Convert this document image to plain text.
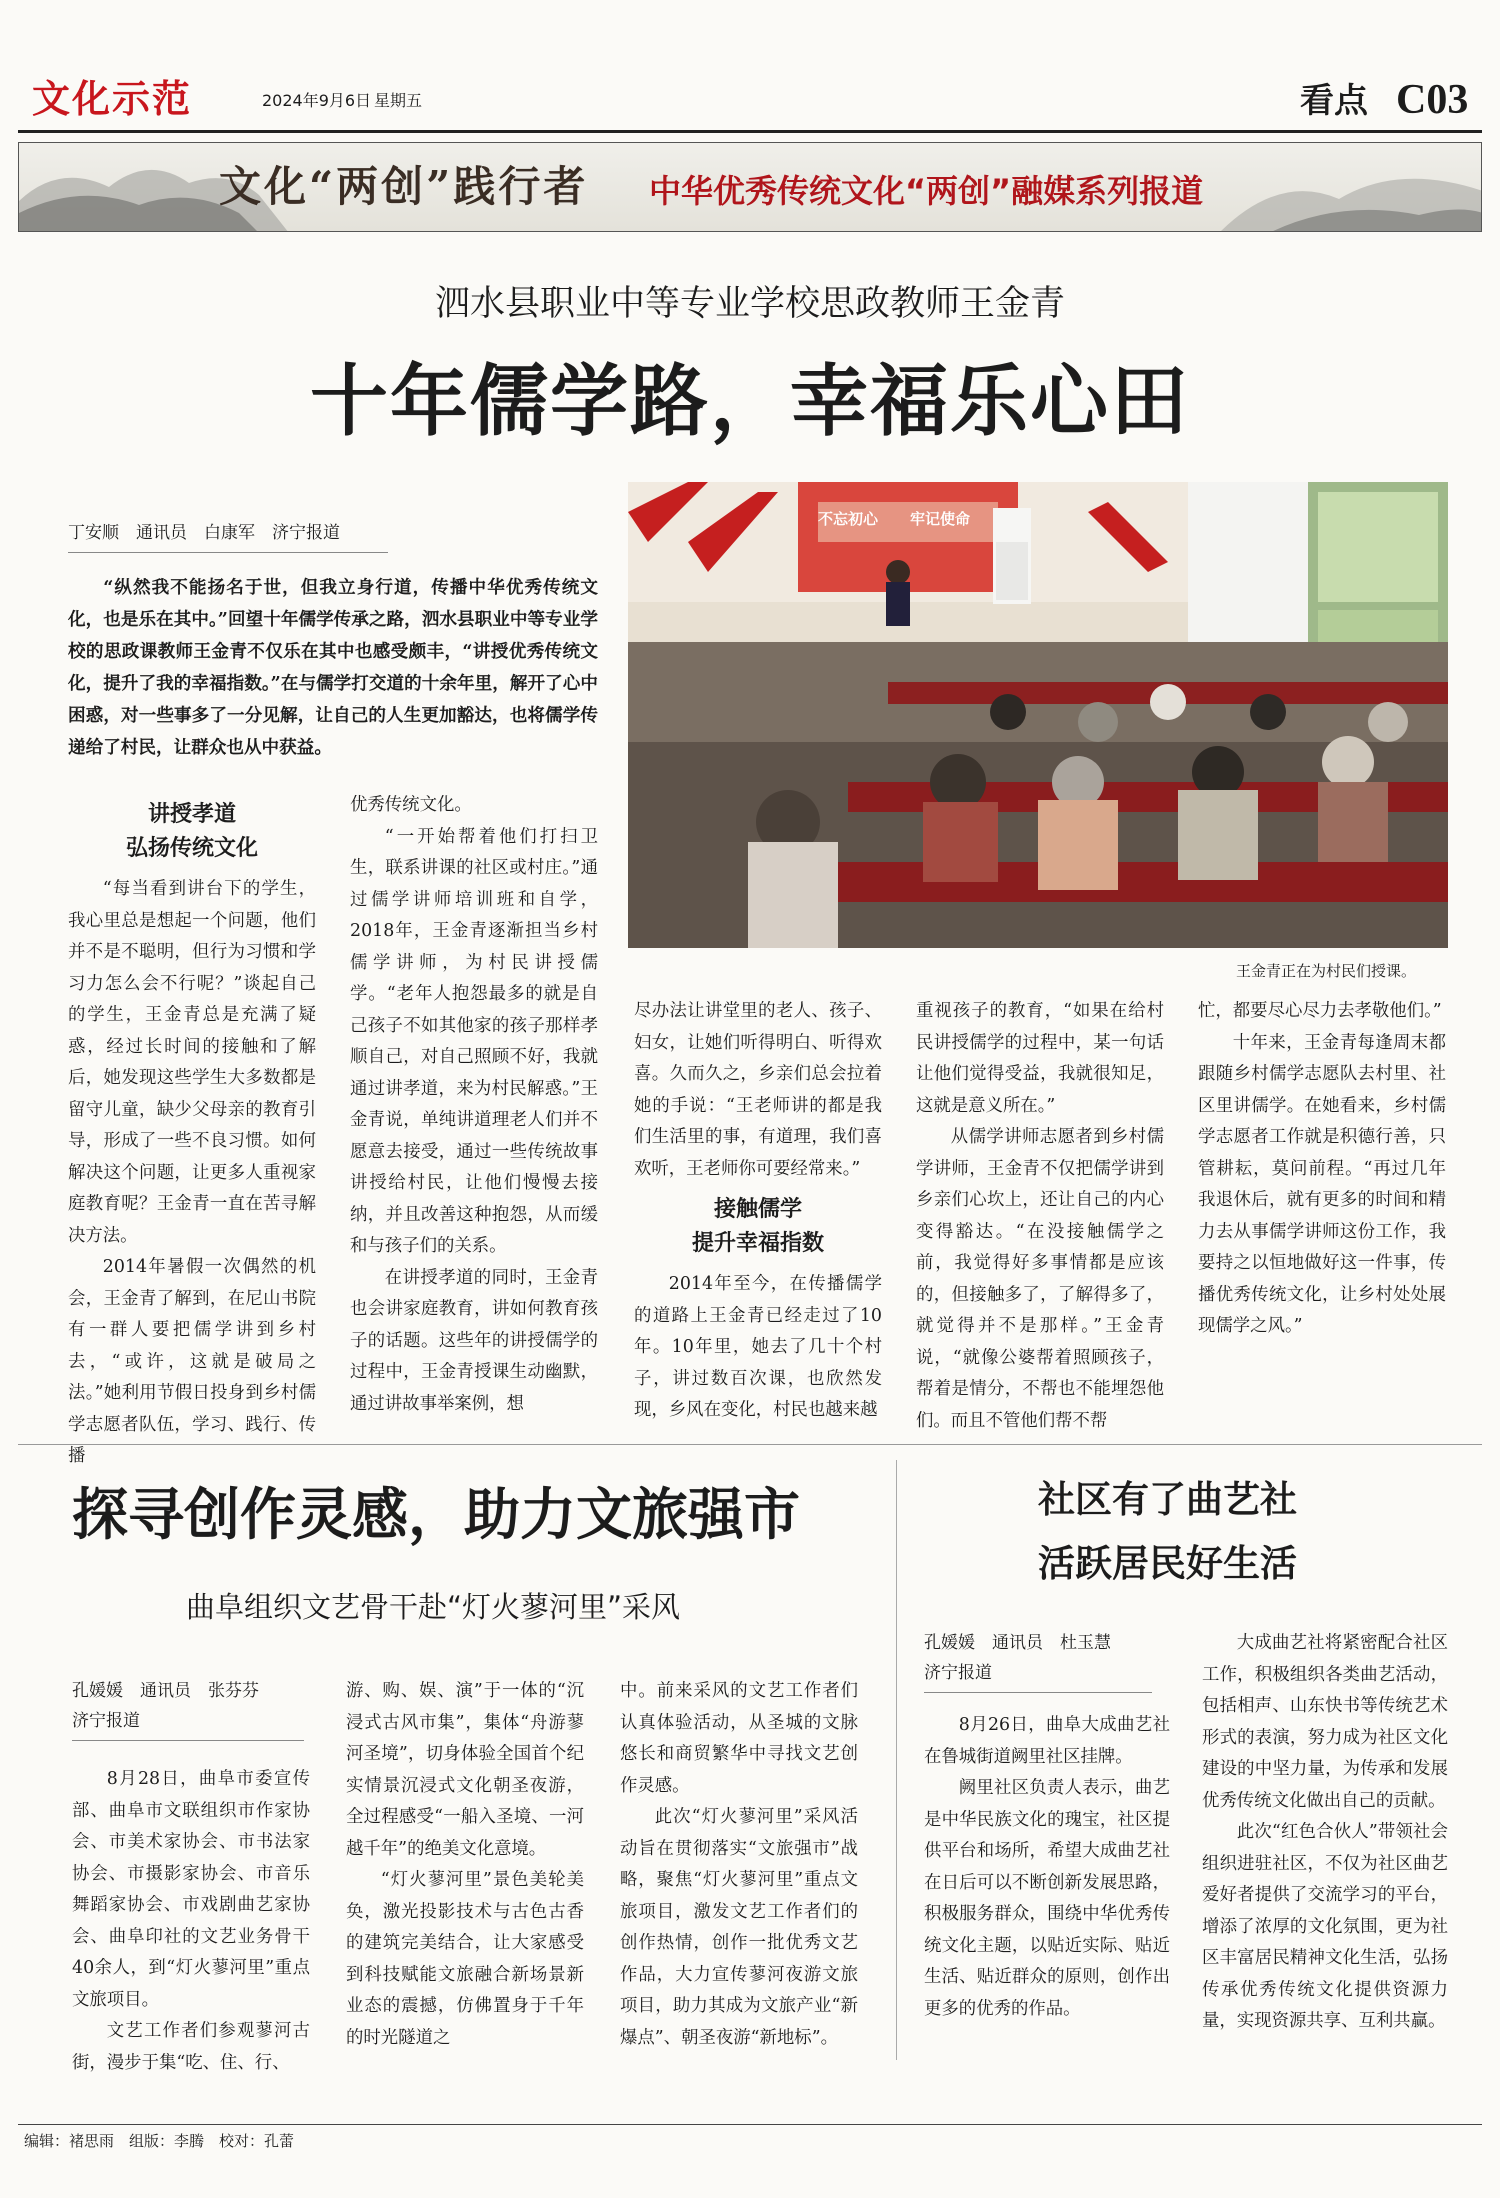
文化示范	2024年9月6日 星期五	看点 C03
文化“两创”践行者 中华优秀传统文化“两创”融媒系列报道
泗水县职业中等专业学校思政教师王金青
十年儒学路，幸福乐心田
丁安顺　通讯员　白康军　济宁报道

“纵然我不能扬名于世，但我立身行道，传播中华优秀传统文化，也是乐在其中。”回望十年儒学传承之路，泗水县职业中等专业学校的思政课教师王金青不仅乐在其中也感受颇丰，“讲授优秀传统文化，提升了我的幸福指数。”在与儒学打交道的十余年里，解开了心中困惑，对一些事多了一分见解，让自己的人生更加豁达，也将儒学传递给了村民，让群众也从中获益。

不忘初心 牢记使命
王金青正在为村民们授课。
讲授孝道
弘扬传统文化

“每当看到讲台下的学生，我心里总是想起一个问题，他们并不是不聪明，但行为习惯和学习力怎么会不行呢？”谈起自己的学生，王金青总是充满了疑惑，经过长时间的接触和了解后，她发现这些学生大多数都是留守儿童，缺少父母亲的教育引导，形成了一些不良习惯。如何解决这个问题，让更多人重视家庭教育呢？王金青一直在苦寻解决方法。

2014年暑假一次偶然的机会，王金青了解到，在尼山书院有一群人要把儒学讲到乡村去，“或许，这就是破局之法。”她利用节假日投身到乡村儒学志愿者队伍，学习、践行、传播

优秀传统文化。

“一开始帮着他们打扫卫生，联系讲课的社区或村庄。”通过儒学讲师培训班和自学，2018年，王金青逐渐担当乡村儒学讲师，为村民讲授儒学。“老年人抱怨最多的就是自己孩子不如其他家的孩子那样孝顺自己，对自己照顾不好，我就通过讲孝道，来为村民解惑。”王金青说，单纯讲道理老人们并不愿意去接受，通过一些传统故事讲授给村民，让他们慢慢去接纳，并且改善这种抱怨，从而缓和与孩子们的关系。

在讲授孝道的同时，王金青也会讲家庭教育，讲如何教育孩子的话题。这些年的讲授儒学的过程中，王金青授课生动幽默，通过讲故事举案例，想

尽办法让讲堂里的老人、孩子、妇女，让她们听得明白、听得欢喜。久而久之，乡亲们总会拉着她的手说：“王老师讲的都是我们生活里的事，有道理，我们喜欢听，王老师你可要经常来。”

接触儒学
提升幸福指数

2014年至今，在传播儒学的道路上王金青已经走过了10年。10年里，她去了几十个村子，讲过数百次课，也欣然发现，乡风在变化，村民也越来越

重视孩子的教育，“如果在给村民讲授儒学的过程中，某一句话让他们觉得受益，我就很知足，这就是意义所在。”

从儒学讲师志愿者到乡村儒学讲师，王金青不仅把儒学讲到乡亲们心坎上，还让自己的内心变得豁达。“在没接触儒学之前，我觉得好多事情都是应该的，但接触多了，了解得多了，就觉得并不是那样。”王金青说，“就像公婆帮着照顾孩子，帮着是情分，不帮也不能埋怨他们。而且不管他们帮不帮

忙，都要尽心尽力去孝敬他们。”

十年来，王金青每逢周末都跟随乡村儒学志愿队去村里、社区里讲儒学。在她看来，乡村儒学志愿者工作就是积德行善，只管耕耘，莫问前程。“再过几年我退休后，就有更多的时间和精力去从事儒学讲师这份工作，我要持之以恒地做好这一件事，传播优秀传统文化，让乡村处处展现儒学之风。”

探寻创作灵感，助力文旅强市
曲阜组织文艺骨干赴“灯火蓼河里”采风
孔媛媛　通讯员　张芬芬
济宁报道

8月28日，曲阜市委宣传部、曲阜市文联组织市作家协会、市美术家协会、市书法家协会、市摄影家协会、市音乐舞蹈家协会、市戏剧曲艺家协会、曲阜印社的文艺业务骨干40余人，到“灯火蓼河里”重点文旅项目。

文艺工作者们参观蓼河古街，漫步于集“吃、住、行、

游、购、娱、演”于一体的“沉浸式古风市集”，集体“舟游蓼河圣境”，切身体验全国首个纪实情景沉浸式文化朝圣夜游，全过程感受“一船入圣境、一河越千年”的绝美文化意境。

“灯火蓼河里”景色美轮美奂，激光投影技术与古色古香的建筑完美结合，让大家感受到科技赋能文旅融合新场景新业态的震撼，仿佛置身于千年的时光隧道之

中。前来采风的文艺工作者们认真体验活动，从圣城的文脉悠长和商贸繁华中寻找文艺创作灵感。

此次“灯火蓼河里”采风活动旨在贯彻落实“文旅强市”战略，聚焦“灯火蓼河里”重点文旅项目，激发文艺工作者们的创作热情，创作一批优秀文艺作品，大力宣传蓼河夜游文旅项目，助力其成为文旅产业“新爆点”、朝圣夜游“新地标”。

社区有了曲艺社
活跃居民好生活
孔媛媛　通讯员　杜玉慧
济宁报道

8月26日，曲阜大成曲艺社在鲁城街道阙里社区挂牌。

阙里社区负责人表示，曲艺是中华民族文化的瑰宝，社区提供平台和场所，希望大成曲艺社在日后可以不断创新发展思路，积极服务群众，围绕中华优秀传统文化主题，以贴近实际、贴近生活、贴近群众的原则，创作出更多的优秀的作品。

大成曲艺社将紧密配合社区工作，积极组织各类曲艺活动，包括相声、山东快书等传统艺术形式的表演，努力成为社区文化建设的中坚力量，为传承和发展优秀传统文化做出自己的贡献。

此次“红色合伙人”带领社会组织进驻社区，不仅为社区曲艺爱好者提供了交流学习的平台，增添了浓厚的文化氛围，更为社区丰富居民精神文化生活，弘扬传承优秀传统文化提供资源力量，实现资源共享、互利共赢。

编辑：褚思雨　组版：李腾　校对：孔蕾
